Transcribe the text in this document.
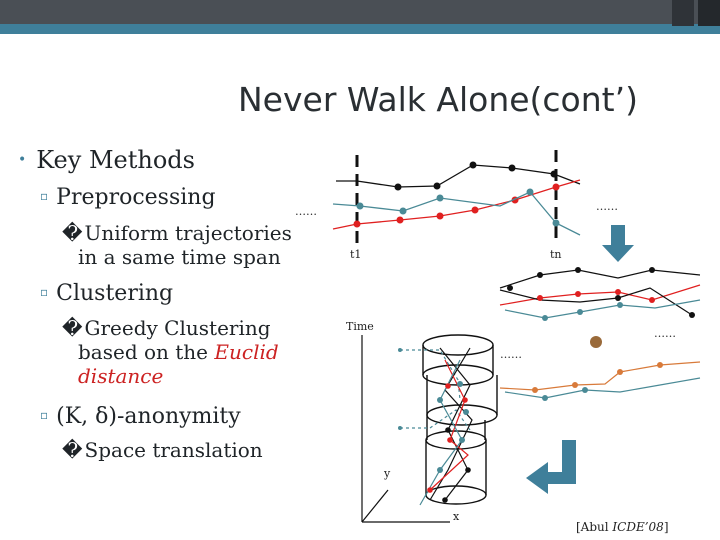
Never Walk Alone(cont’)
• Key Methods
▫ Preprocessing
� Uniform trajectories
in a same time span
▫ Clustering
� Greedy Clustering
based on the Euclid
distance
▫ (K, δ)-anonymity
� Space translation
[Abul ICDE’08]
……	……
t1	tn
……
……
Time
y
x
